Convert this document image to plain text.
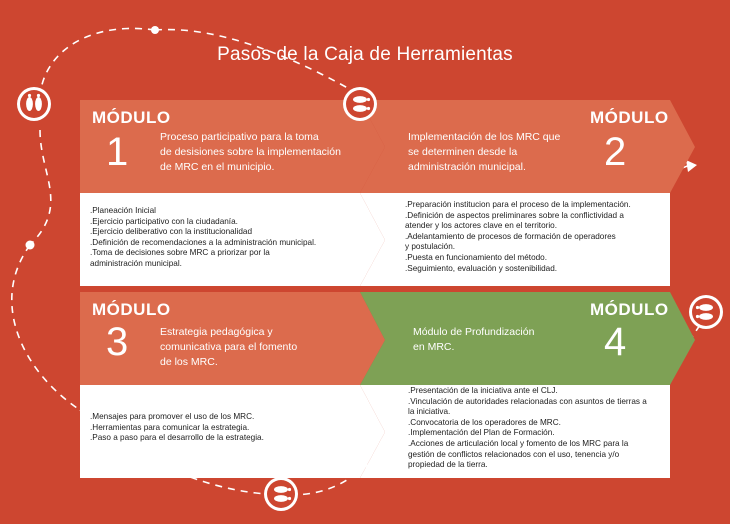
Pasos de la Caja de Herramientas
MÓDULO
1	Proceso participativo para la toma
de desisiones sobre la implementación
de MRC en el municipio.
.Planeación Inicial
.Ejercicio participativo con la ciudadanía.
.Ejercicio deliberativo con la institucionalidad
.Definición de recomendaciones a la administración municipal.
.Toma de decisiones sobre MRC a priorizar por la
administración municipal.
MÓDULO
2
Implementación de los MRC que
se determinen desde la
administración municipal.
.Preparación institucion para el proceso de la implementación.
.Definición de aspectos preliminares sobre la conflictividad a
atender y los actores clave en el territorio.
.Adelantamiento de procesos de formación de operadores
y postulación.
.Puesta en funcionamiento del método.
.Seguimiento, evaluación y sostenibilidad.
MÓDULO
3	Estrategia pedagógica y
comunicativa para el fomento
de los MRC.
.Mensajes para promover el uso de los MRC.
.Herramientas para comunicar la estrategia.
.Paso a paso para el desarrollo de la estrategia.
MÓDULO
4
Módulo de Profundización
en MRC.
.Presentación de la iniciativa ante el CLJ.
.Vinculación de autoridades relacionadas con asuntos de tierras a
la iniciativa.
.Convocatoria de los operadores de MRC.
.Implementación del Plan de Formación.
.Acciones de articulación local y fomento de los MRC para la
gestión de conflictos relacionados con el uso, tenencia y/o
propiedad de la tierra.
